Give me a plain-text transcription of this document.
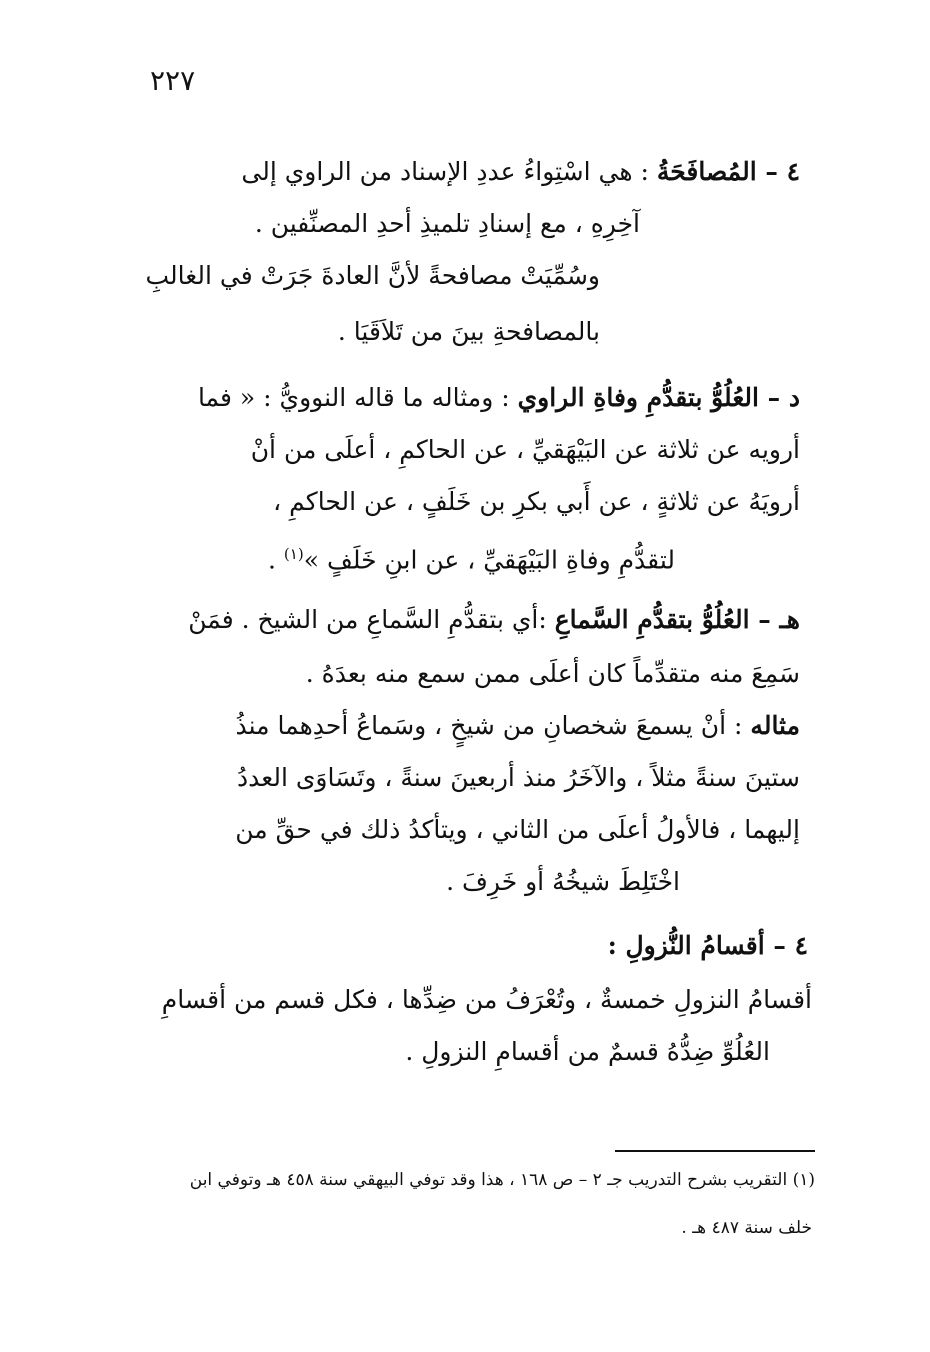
٢٢٧

٤ – المُصافَحَةُ : هي اسْتِواءُ عددِ الإسناد من الراوي إلى

آخِرِهِ ، مع إسنادِ تلميذِ أحدِ المصنِّفين .

وسُمِّيَتْ مصافحةً لأنَّ العادةَ جَرَتْ في الغالبِ

بالمصافحةِ بينَ من تَلاَقَيَا .

د – العُلُوُّ بتقدُّمِ وفاةِ الراوي : ومثاله ما قاله النوويُّ : « فما

أرويه عن ثلاثة عن البَيْهَقيِّ ، عن الحاكمِ ، أعلَى من أنْ

أرويَهُ عن ثلاثةٍ ، عن أَبي بكرِ بن خَلَفٍ ، عن الحاكمِ ،

لتقدُّمِ وفاةِ البَيْهَقيِّ ، عن ابنِ خَلَفٍ »$^{(١)}$ .

هـ – العُلُوُّ بتقدُّمِ السَّماعِ :أي بتقدُّمِ السَّماعِ من الشيخ . فمَنْ

سَمِعَ منه متقدِّماً كان أعلَى ممن سمع منه بعدَهُ .

مثاله : أنْ يسمعَ شخصانِ من شيخٍ ، وسَماعُ أحدِهما منذُ

ستينَ سنةً مثلاً ، والآخَرُ منذ أربعينَ سنةً ، وتَسَاوَى العددُ

إليهما ، فالأولُ أعلَى من الثاني ، ويتأكدُ ذلك في حقِّ من

اخْتَلِطَ شيخُهُ أو خَرِفَ .

٤ – أقسامُ النُّزولِ :

أقسامُ النزولِ خمسةٌ ، وتُعْرَفُ من ضِدِّها ، فكل قسم من أقسامِ

العُلُوِّ ضِدُّهُ قسمٌ من أقسامِ النزولِ .

(١) التقريب بشرح التدريب جـ ٢ – ص ١٦٨ ، هذا وقد توفي البيهقي سنة ٤٥٨ هـ وتوفي ابن

خلف سنة ٤٨٧ هـ .
